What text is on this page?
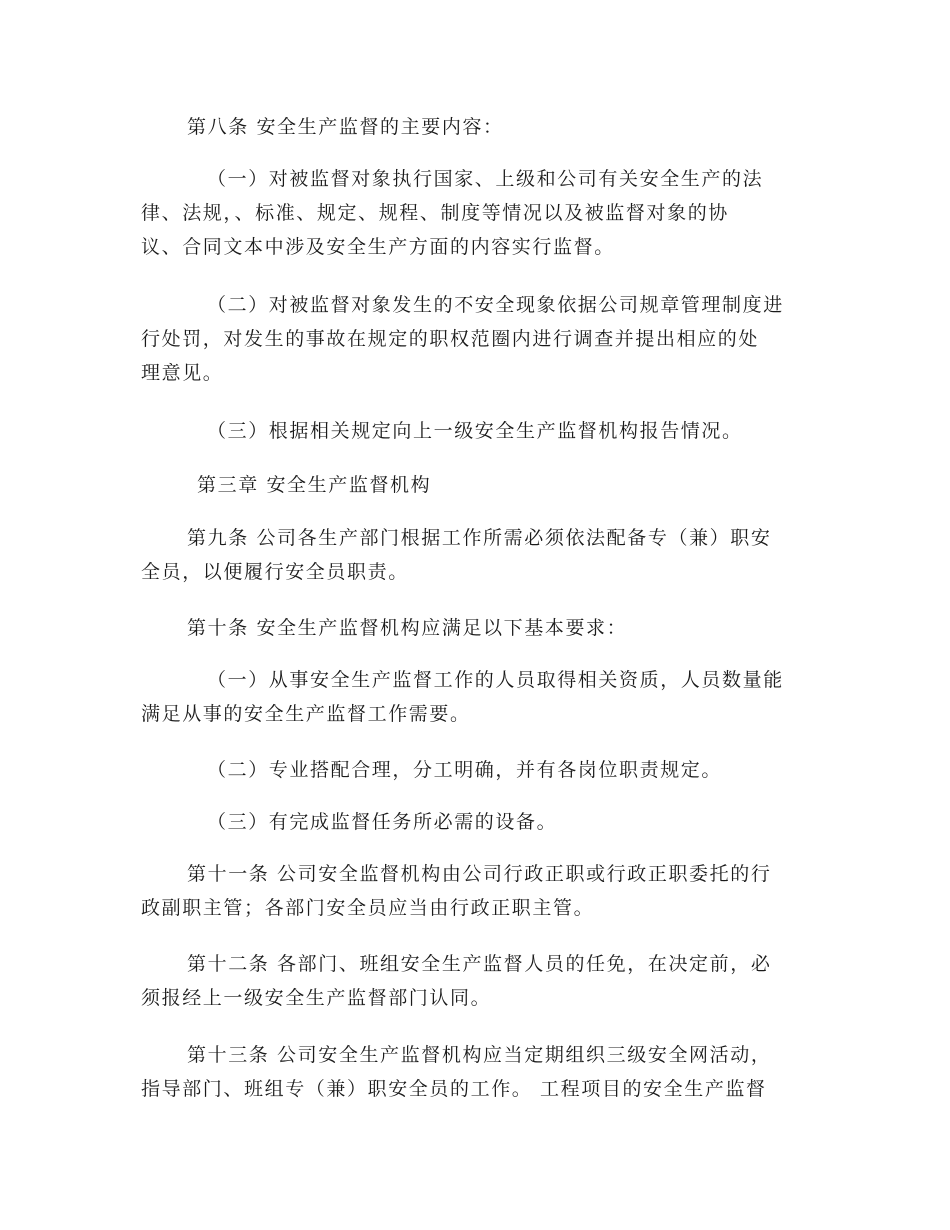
第八条 安全生产监督的主要内容：
（一）对被监督对象执行国家、上级和公司有关安全生产的法
律、法规，、标准、规定、规程、制度等情况以及被监督对象的协
议、合同文本中涉及安全生产方面的内容实行监督。
（二）对被监督对象发生的不安全现象依据公司规章管理制度进
行处罚，对发生的事故在规定的职权范圈内进行调查并提出相应的处
理意见。
（三）根据相关规定向上一级安全生产监督机构报告情况。
第三章 安全生产监督机构
第九条 公司各生产部门根据工作所需必须依法配备专（兼）职安
全员，以便履行安全员职责。
第十条 安全生产监督机构应满足以下基本要求：
（一）从事安全生产监督工作的人员取得相关资质，人员数量能
满足从事的安全生产监督工作需要。
（二）专业搭配合理，分工明确，并有各岗位职责规定。
（三）有完成监督任务所必需的设备。
第十一条 公司安全监督机构由公司行政正职或行政正职委托的行
政副职主管；各部门安全员应当由行政正职主管。
第十二条 各部门、班组安全生产监督人员的任免，在决定前，必
须报经上一级安全生产监督部门认同。
第十三条 公司安全生产监督机构应当定期组织三级安全网活动，
指导部门、班组专（兼）职安全员的工作。 工程项目的安全生产监督
